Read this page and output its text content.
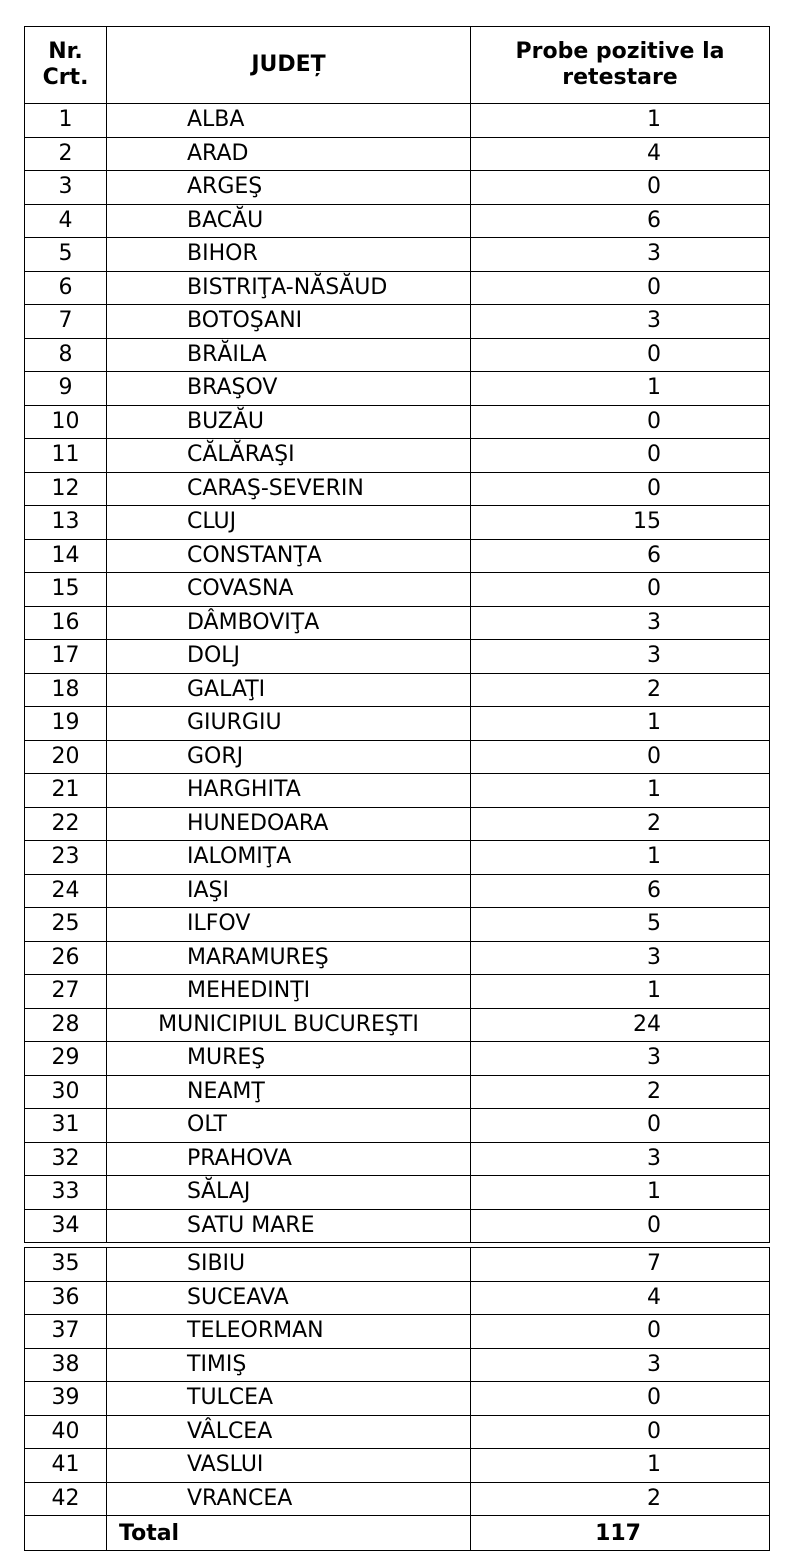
Nr. Crt.	JUDEȚ	Probe pozitive la retestare
1	ALBA	1
2	ARAD	4
3	ARGEŞ	0
4	BACĂU	6
5	BIHOR	3
6	BISTRIŢA-NĂSĂUD	0
7	BOTOŞANI	3
8	BRĂILA	0
9	BRAŞOV	1
10	BUZĂU	0
11	CĂLĂRAŞI	0
12	CARAŞ-SEVERIN	0
13	CLUJ	15
14	CONSTANŢA	6
15	COVASNA	0
16	DÂMBOVIŢA	3
17	DOLJ	3
18	GALAŢI	2
19	GIURGIU	1
20	GORJ	0
21	HARGHITA	1
22	HUNEDOARA	2
23	IALOMIŢA	1
24	IAŞI	6
25	ILFOV	5
26	MARAMUREŞ	3
27	MEHEDINŢI	1
28	MUNICIPIUL BUCUREŞTI	24
29	MUREŞ	3
30	NEAMŢ	2
31	OLT	0
32	PRAHOVA	3
33	SĂLAJ	1
34	SATU MARE	0
35	SIBIU	7
36	SUCEAVA	4
37	TELEORMAN	0
38	TIMIŞ	3
39	TULCEA	0
40	VÂLCEA	0
41	VASLUI	1
42	VRANCEA	2
	Total	117
